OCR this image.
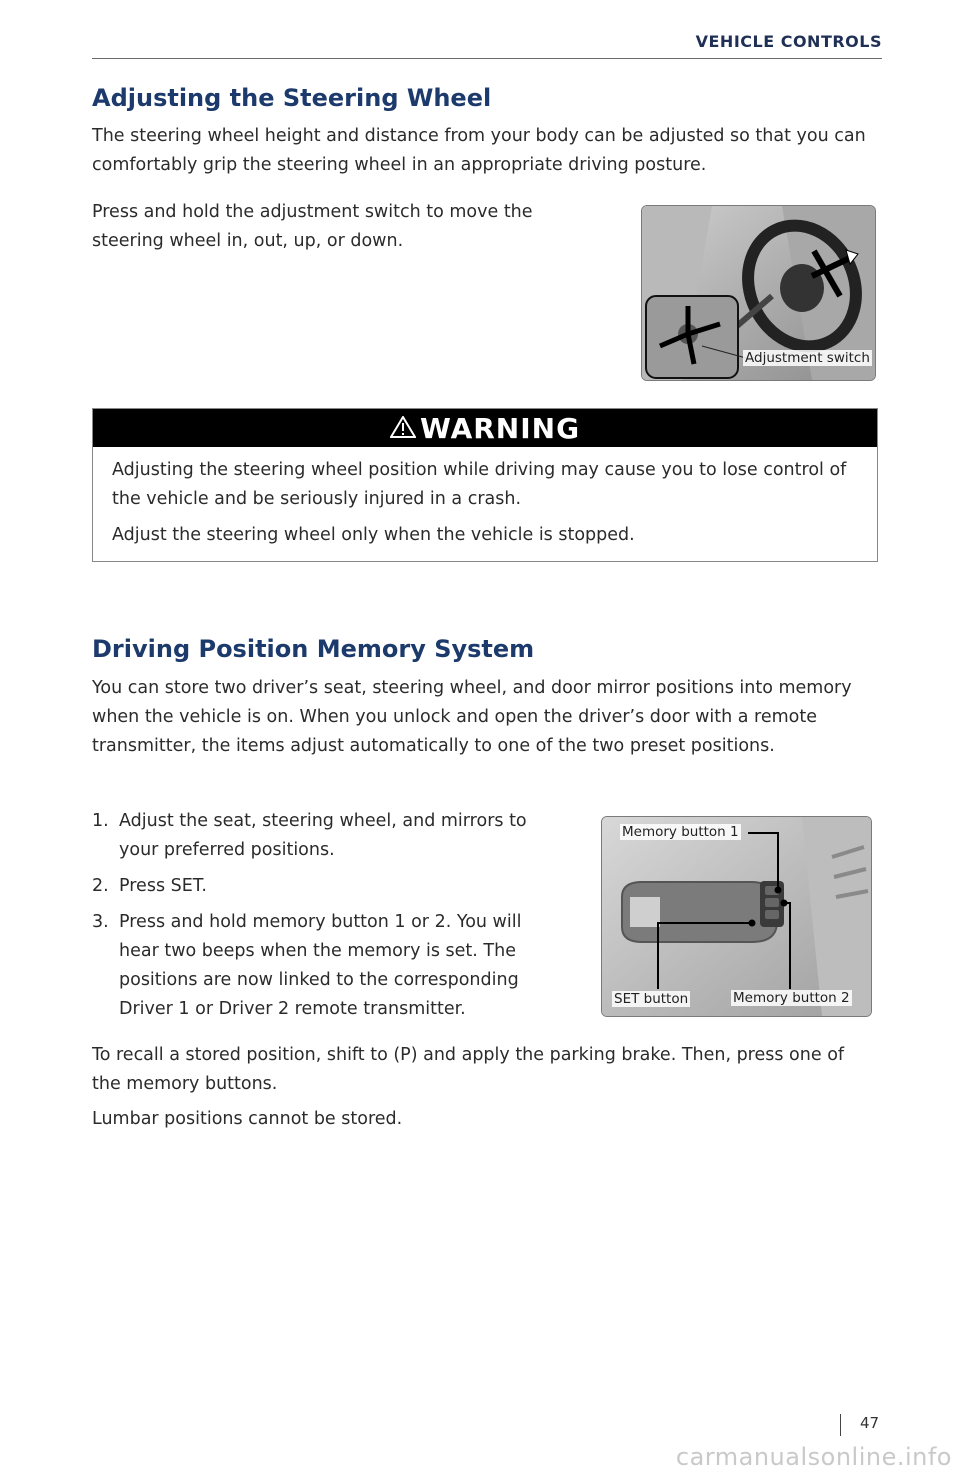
VEHICLE CONTROLS
Adjusting the Steering Wheel

The steering wheel height and distance from your body can be adjusted so that you can comfortably grip the steering wheel in an appropriate driving posture.

Press and hold the adjustment switch to move the steering wheel in, out, up, or down.

Adjustment switch
WARNING

Adjusting the steering wheel position while driving may cause you to lose control of the vehicle and be seriously injured in a crash.

Adjust the steering wheel only when the vehicle is stopped.

Driving Position Memory System

You can store two driver’s seat, steering wheel, and door mirror positions into memory when the vehicle is on. When you unlock and open the driver’s door with a remote transmitter, the items adjust automatically to one of the two preset positions.

1. Adjust the seat, steering wheel, and mirrors to your preferred positions.
2. Press SET.
3. Press and hold memory button 1 or 2. You will hear two beeps when the memory is set. The positions are now linked to the corresponding Driver 1 or Driver 2 remote transmitter.
Memory button 1
SET button	Memory button 2

To recall a stored position, shift to (P) and apply the parking brake. Then, press one of the memory buttons.

Lumbar positions cannot be stored.

47
carmanualsonline.info
